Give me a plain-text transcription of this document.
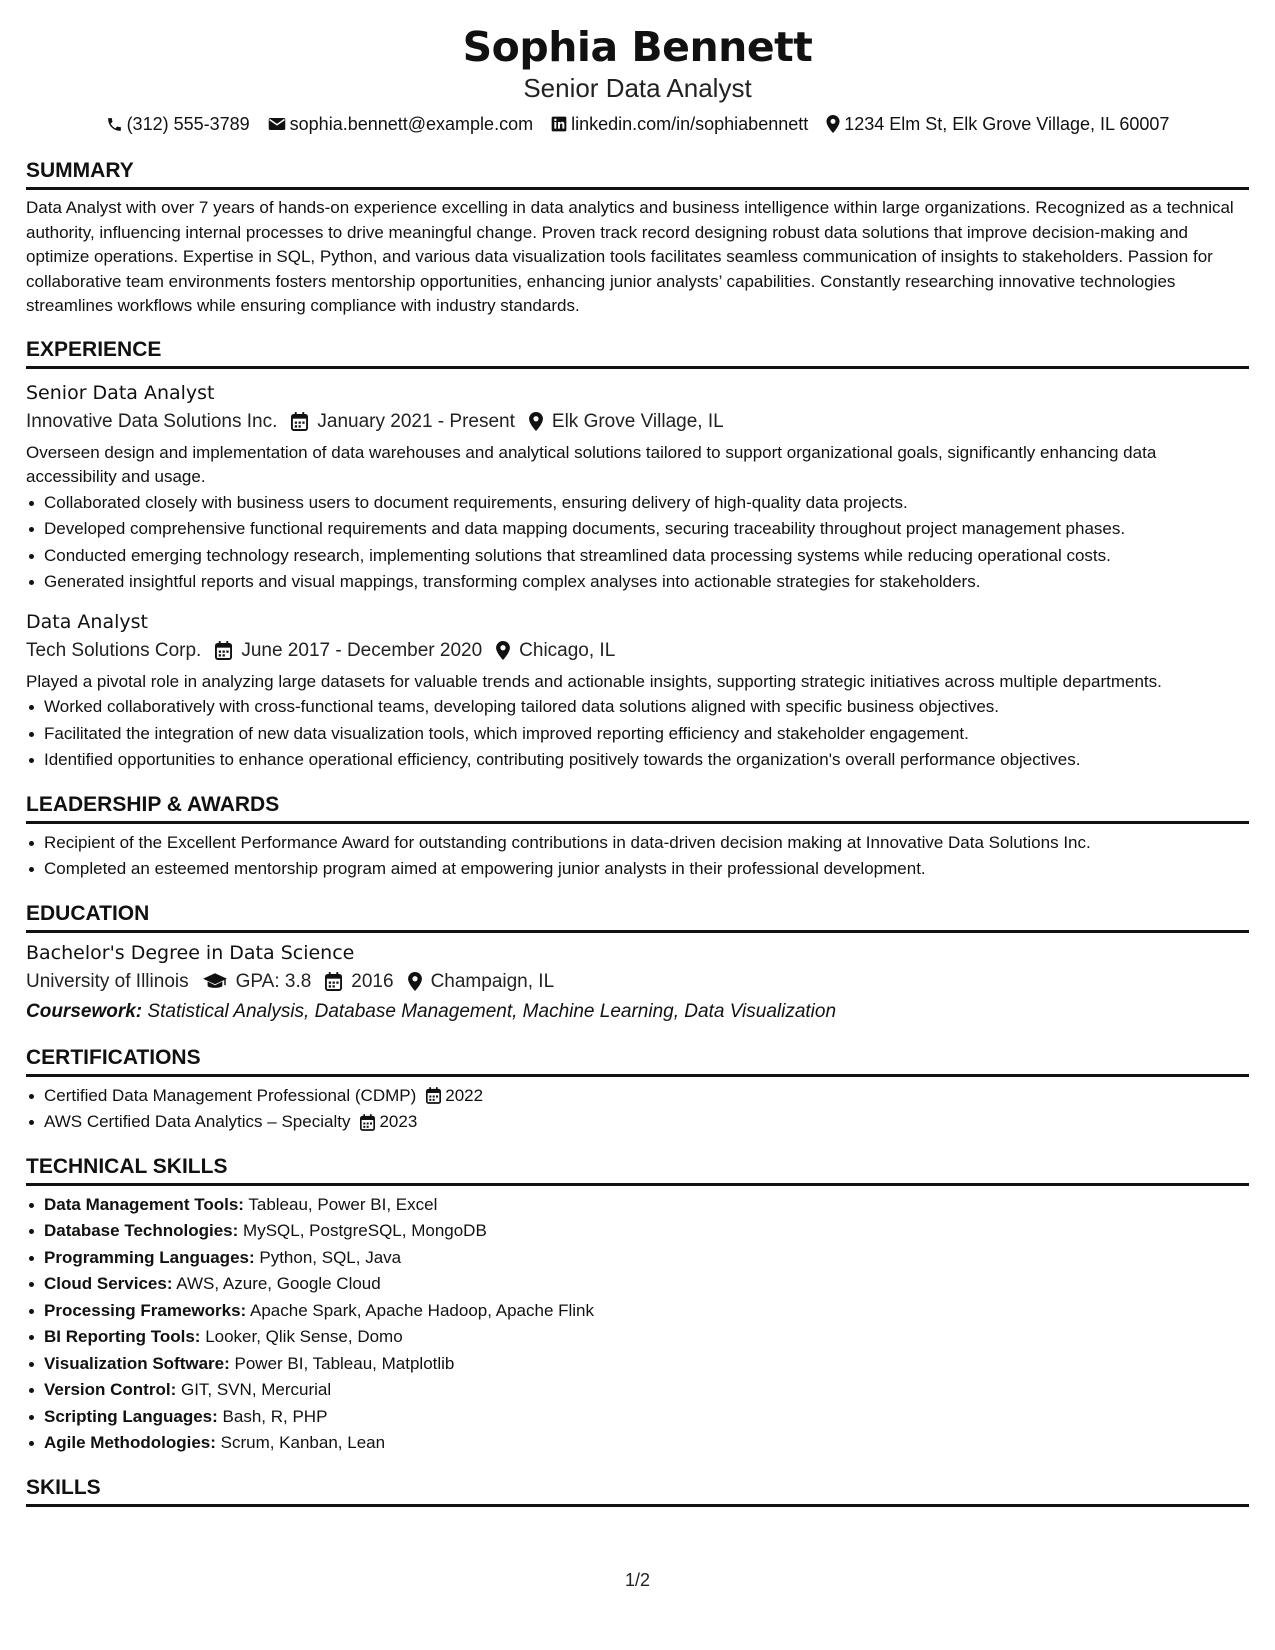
Sophia Bennett
Senior Data Analyst
(312) 555-3789 sophia.bennett@example.com linkedin.com/in/sophiabennett 1234 Elm St, Elk Grove Village, IL 60007
SUMMARY

Data Analyst with over 7 years of hands-on experience excelling in data analytics and business intelligence within large organizations. Recognized as a technical authority, influencing internal processes to drive meaningful change. Proven track record designing robust data solutions that improve decision-making and optimize operations. Expertise in SQL, Python, and various data visualization tools facilitates seamless communication of insights to stakeholders. Passion for collaborative team environments fosters mentorship opportunities, enhancing junior analysts’ capabilities. Constantly researching innovative technologies streamlines workflows while ensuring compliance with industry standards.

EXPERIENCE
Senior Data Analyst
Innovative Data Solutions Inc. January 2021 - Present Elk Grove Village, IL

Overseen design and implementation of data warehouses and analytical solutions tailored to support organizational goals, significantly enhancing data accessibility and usage.

Collaborated closely with business users to document requirements, ensuring delivery of high-quality data projects.
Developed comprehensive functional requirements and data mapping documents, securing traceability throughout project management phases.
Conducted emerging technology research, implementing solutions that streamlined data processing systems while reducing operational costs.
Generated insightful reports and visual mappings, transforming complex analyses into actionable strategies for stakeholders.
Data Analyst
Tech Solutions Corp. June 2017 - December 2020 Chicago, IL

Played a pivotal role in analyzing large datasets for valuable trends and actionable insights, supporting strategic initiatives across multiple departments.

Worked collaboratively with cross-functional teams, developing tailored data solutions aligned with specific business objectives.
Facilitated the integration of new data visualization tools, which improved reporting efficiency and stakeholder engagement.
Identified opportunities to enhance operational efficiency, contributing positively towards the organization's overall performance objectives.
LEADERSHIP & AWARDS
Recipient of the Excellent Performance Award for outstanding contributions in data-driven decision making at Innovative Data Solutions Inc.
Completed an esteemed mentorship program aimed at empowering junior analysts in their professional development.
EDUCATION
Bachelor's Degree in Data Science
University of Illinois GPA: 3.8 2016 Champaign, IL
Coursework: Statistical Analysis, Database Management, Machine Learning, Data Visualization
CERTIFICATIONS
Certified Data Management Professional (CDMP) 2022
AWS Certified Data Analytics – Specialty 2023
TECHNICAL SKILLS
Data Management Tools: Tableau, Power BI, Excel
Database Technologies: MySQL, PostgreSQL, MongoDB
Programming Languages: Python, SQL, Java
Cloud Services: AWS, Azure, Google Cloud
Processing Frameworks: Apache Spark, Apache Hadoop, Apache Flink
BI Reporting Tools: Looker, Qlik Sense, Domo
Visualization Software: Power BI, Tableau, Matplotlib
Version Control: GIT, SVN, Mercurial
Scripting Languages: Bash, R, PHP
Agile Methodologies: Scrum, Kanban, Lean
SKILLS
1/2
